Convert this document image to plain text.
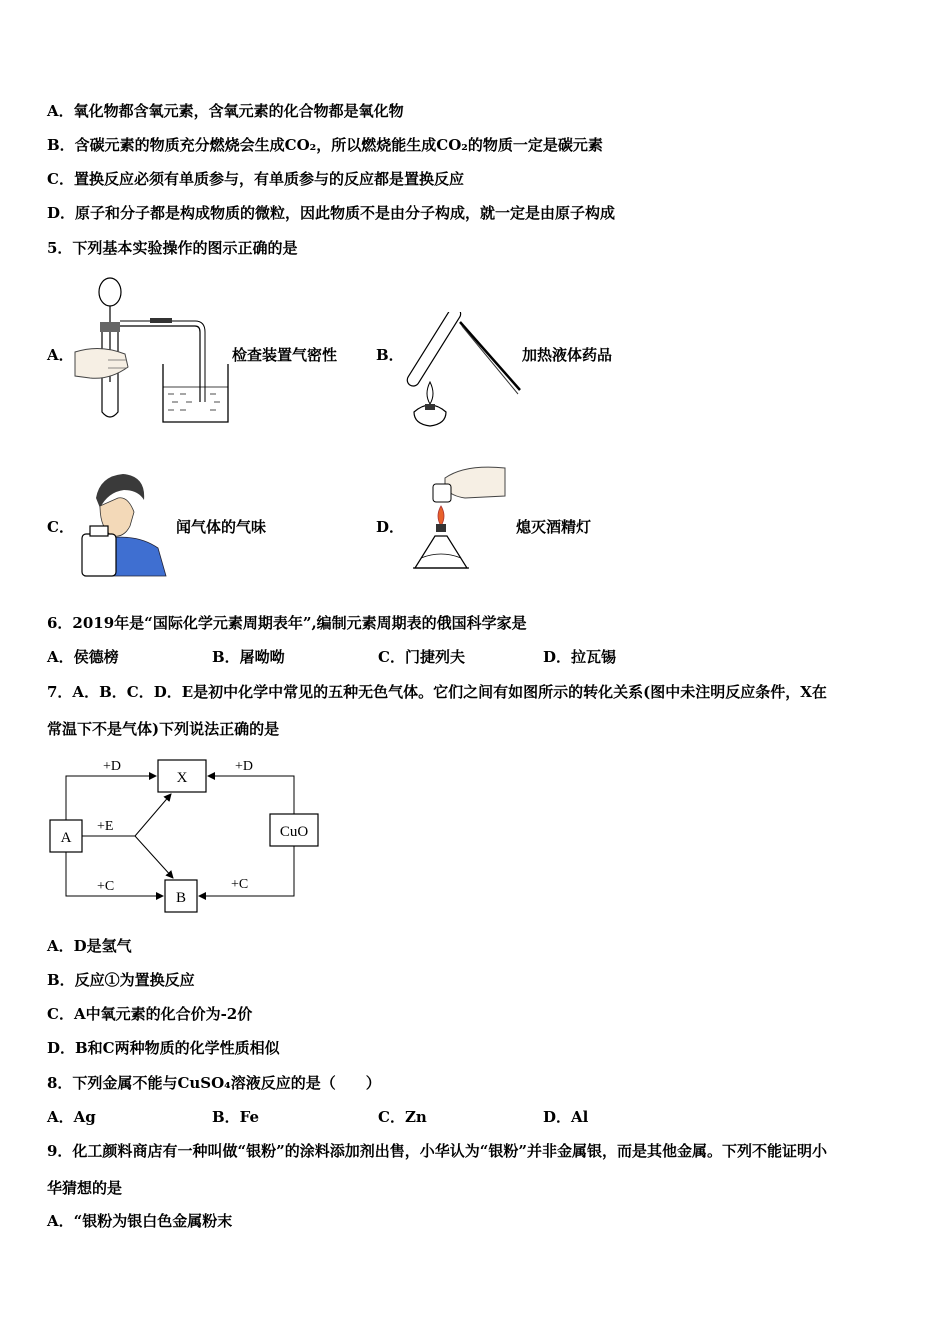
A．氧化物都含氧元素，含氧元素的化合物都是氧化物
B．含碳元素的物质充分燃烧会生成CO₂，所以燃烧能生成CO₂的物质一定是碳元素
C．置换反应必须有单质参与，有单质参与的反应都是置换反应
D．原子和分子都是构成物质的微粒，因此物质不是由分子构成，就一定是由原子构成
5．下列基本实验操作的图示正确的是
A．	检查装置气密性	B．	加热液体药品
C．	闻气体的气味	D．	熄灭酒精灯
6．2019年是“国际化学元素周期表年”,编制元素周期表的俄国科学家是
A．侯德榜	B．屠呦呦	C．门捷列夫	D．拉瓦锡
7．A．B．C．D．E是初中化学中常见的五种无色气体。它们之间有如图所示的转化关系(图中未注明反应条件，X在
常温下不是气体)下列说法正确的是
X
A	CuO
B
+D	+D
+E
+C	+C
A．D是氢气
B．反应①为置换反应
C．A中氧元素的化合价为-2价
D．B和C两种物质的化学性质相似
8．下列金属不能与CuSO₄溶液反应的是（　　）
A．Ag	B．Fe	C．Zn	D．Al
9．化工颜料商店有一种叫做“银粉”的涂料添加剂出售，小华认为“银粉”并非金属银，而是其他金属。下列不能证明小
华猜想的是
A．“银粉为银白色金属粉末
